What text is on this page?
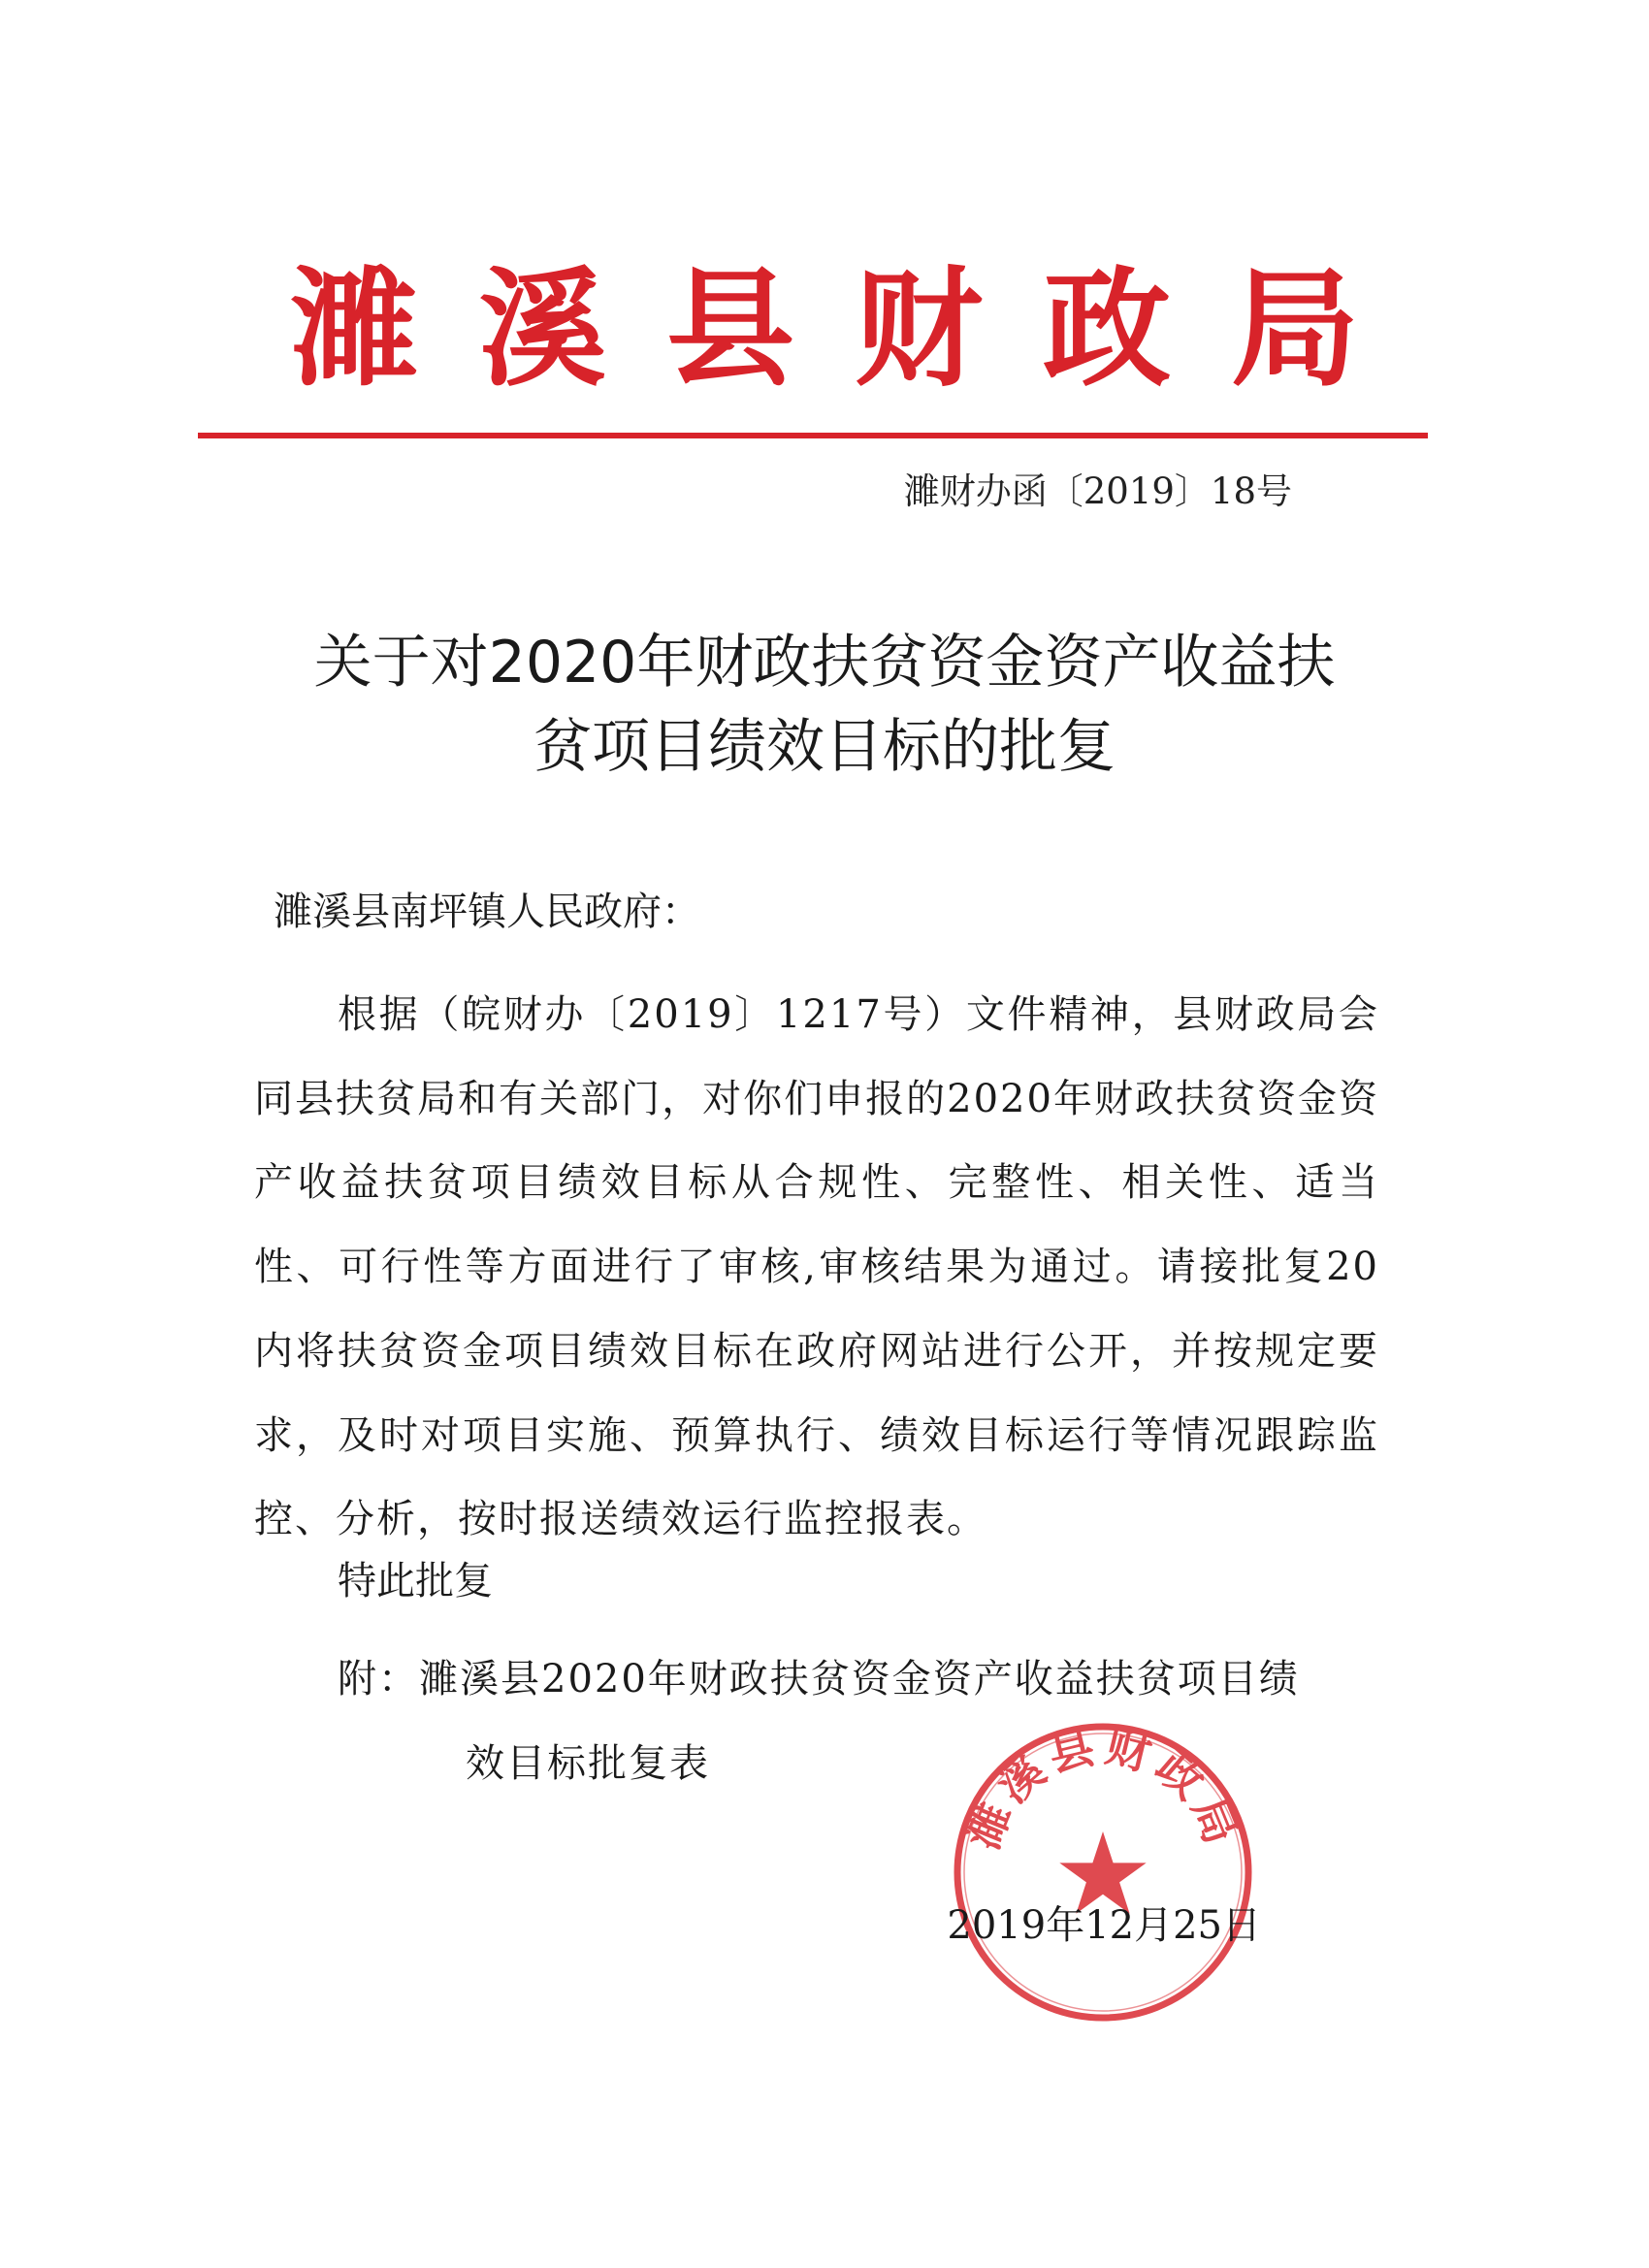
濉溪县财政局
濉财办函〔2019〕18号
关于对2020年财政扶贫资金资产收益扶
贫项目绩效目标的批复
濉溪县南坪镇人民政府：
根据（皖财办〔2019〕1217号）文件精神，县财政局会同县扶贫局和有关部门，对你们申报的2020年财政扶贫资金资产收益扶贫项目绩效目标从合规性、完整性、相关性、适当性、可行性等方面进行了审核,审核结果为通过。请接批复20内将扶贫资金项目绩效目标在政府网站进行公开，并按规定要求，及时对项目实施、预算执行、绩效目标运行等情况跟踪监控、分析，按时报送绩效运行监控报表。
特此批复
附：濉溪县2020年财政扶贫资金资产收益扶贫项目绩
效目标批复表
濉溪县财政局
2019年12月25日
